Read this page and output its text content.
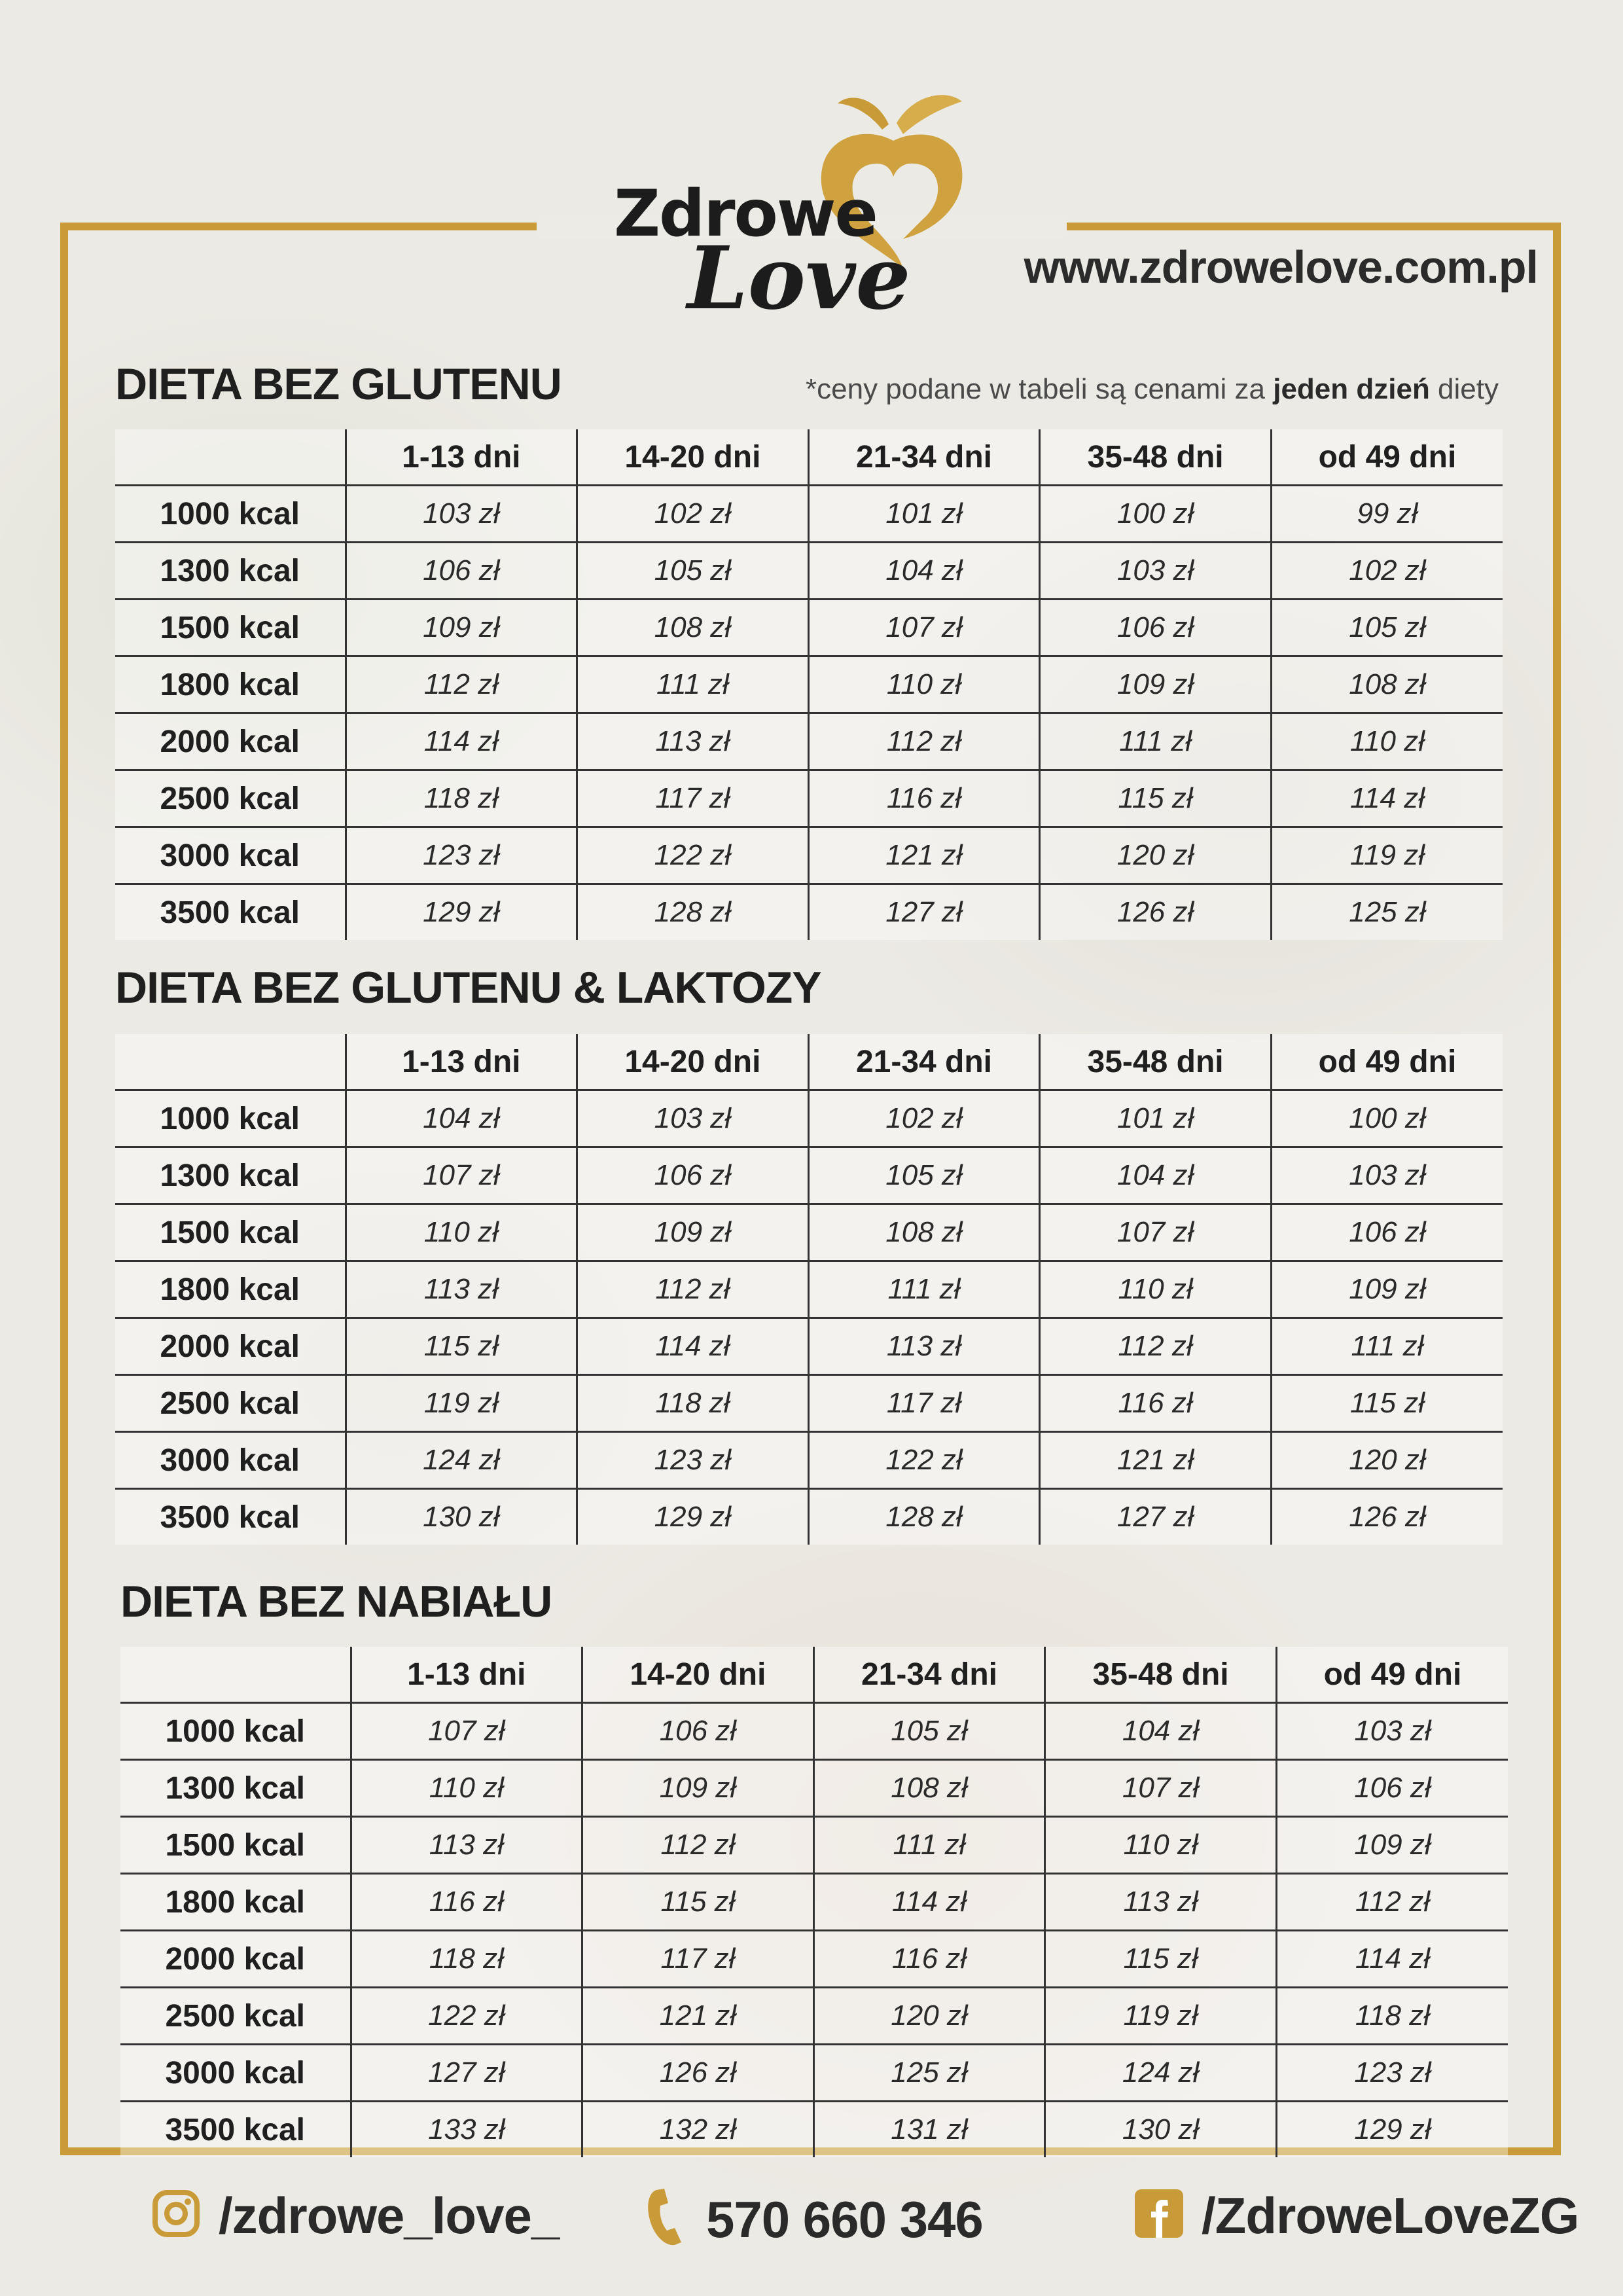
Zdrowe
Love www.zdrowelove.com.pl
*ceny podane w tabeli są cenami za jeden dzień diety
DIETA BEZ GLUTENU
	1-13 dni	14-20 dni	21-34 dni	35-48 dni	od 49 dni
1000 kcal	103 zł	102 zł	101 zł	100 zł	99 zł
1300 kcal	106 zł	105 zł	104 zł	103 zł	102 zł
1500 kcal	109 zł	108 zł	107 zł	106 zł	105 zł
1800 kcal	112 zł	111 zł	110 zł	109 zł	108 zł
2000 kcal	114 zł	113 zł	112 zł	111 zł	110 zł
2500 kcal	118 zł	117 zł	116 zł	115 zł	114 zł
3000 kcal	123 zł	122 zł	121 zł	120 zł	119 zł
3500 kcal	129 zł	128 zł	127 zł	126 zł	125 zł
DIETA BEZ GLUTENU & LAKTOZY
	1-13 dni	14-20 dni	21-34 dni	35-48 dni	od 49 dni
1000 kcal	104 zł	103 zł	102 zł	101 zł	100 zł
1300 kcal	107 zł	106 zł	105 zł	104 zł	103 zł
1500 kcal	110 zł	109 zł	108 zł	107 zł	106 zł
1800 kcal	113 zł	112 zł	111 zł	110 zł	109 zł
2000 kcal	115 zł	114 zł	113 zł	112 zł	111 zł
2500 kcal	119 zł	118 zł	117 zł	116 zł	115 zł
3000 kcal	124 zł	123 zł	122 zł	121 zł	120 zł
3500 kcal	130 zł	129 zł	128 zł	127 zł	126 zł
DIETA BEZ NABIAŁU
	1-13 dni	14-20 dni	21-34 dni	35-48 dni	od 49 dni
1000 kcal	107 zł	106 zł	105 zł	104 zł	103 zł
1300 kcal	110 zł	109 zł	108 zł	107 zł	106 zł
1500 kcal	113 zł	112 zł	111 zł	110 zł	109 zł
1800 kcal	116 zł	115 zł	114 zł	113 zł	112 zł
2000 kcal	118 zł	117 zł	116 zł	115 zł	114 zł
2500 kcal	122 zł	121 zł	120 zł	119 zł	118 zł
3000 kcal	127 zł	126 zł	125 zł	124 zł	123 zł
3500 kcal	133 zł	132 zł	131 zł	130 zł	129 zł
/zdrowe_love_	570 660 346	/ZdroweLoveZG
